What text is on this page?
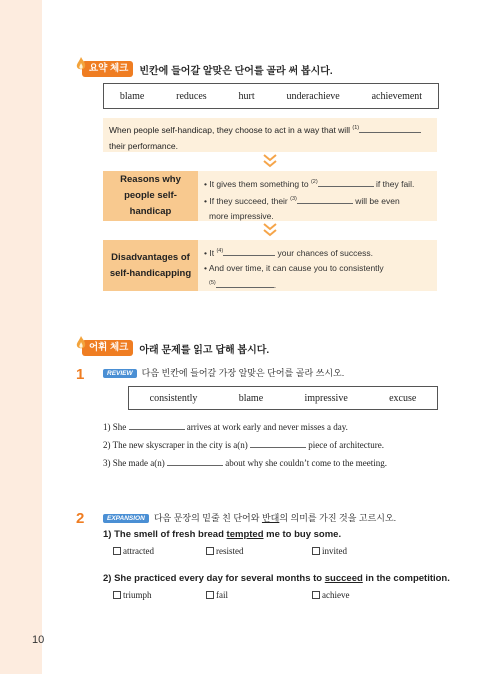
요약 체크	빈칸에 들어갈 알맞은 단어를 골라 써 봅시다.
blame	reduces	hurt	underachieve	achievement
When people self-handicap, they choose to act in a way that will $^{(1)}$
their performance.
Reasons why people self-handicap
• It gives them something to $^{(2)}$	if they fail.
• If they succeed, their $^{(3)}$	will be even
more impressive.
Disadvantages of self-handicapping
• It $^{(4)}$	your chances of success.
• And over time, it can cause you to consistently
$^{(5)}$	.
어휘 체크	아래 문제를 읽고 답해 봅시다.
1	REVIEW 다음 빈칸에 들어갈 가장 알맞은 단어를 골라 쓰시오.
consistently	blame	impressive	excuse
1) She	arrives at work early and never misses a day.
2) The new skyscraper in the city is a(n)	piece of architecture.
3) She made a(n)	about why she couldn’t come to the meeting.
2	EXPANSION 다음 문장의 밑줄 친 단어와 반대의 의미를 가진 것을 고르시오.
1) The smell of fresh bread tempted me to buy some.
attracted	resisted	invited
2) She practiced every day for several months to succeed in the competition.
triumph	fail	achieve
10
